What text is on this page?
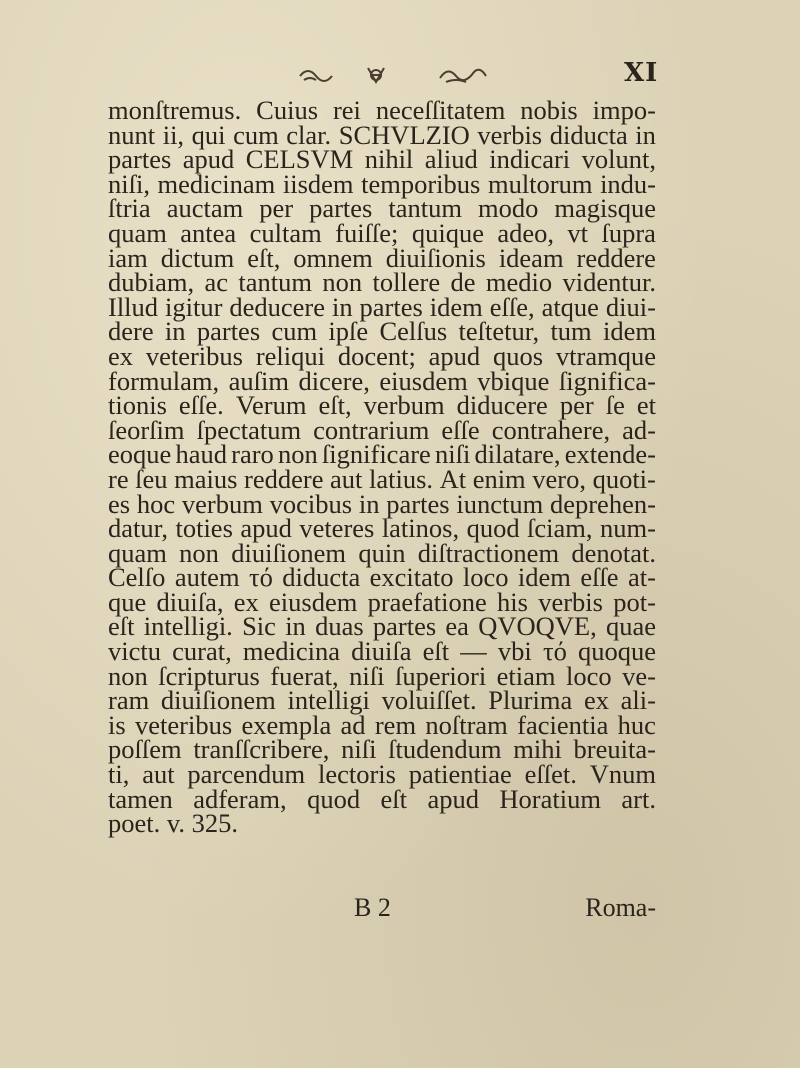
XI
monſtremus. Cuius rei neceſſitatem nobis impo-
nunt ii, qui cum clar. SCHVLZIO verbis diducta in
partes apud CELSVM nihil aliud indicari volunt,
niſi, medicinam iisdem temporibus multorum indu-
ſtria auctam per partes tantum modo magisque
quam antea cultam fuiſſe; quique adeo, vt ſupra
iam dictum eſt, omnem diuiſionis ideam reddere
dubiam, ac tantum non tollere de medio videntur.
Illud igitur deducere in partes idem eſſe, atque diui-
dere in partes cum ipſe Celſus teſtetur, tum idem
ex veteribus reliqui docent; apud quos vtramque
formulam, auſim dicere, eiusdem vbique ſignifica-
tionis eſſe. Verum eſt, verbum diducere per ſe et
ſeorſim ſpectatum contrarium eſſe contrahere, ad-
eoque haud raro non ſignificare niſi dilatare, extende-
re ſeu maius reddere aut latius. At enim vero, quoti-
es hoc verbum vocibus in partes iunctum deprehen-
datur, toties apud veteres latinos, quod ſciam, num-
quam non diuiſionem quin diſtractionem denotat.
Celſo autem τό diducta excitato loco idem eſſe at-
que diuiſa, ex eiusdem praefatione his verbis pot-
eſt intelligi. Sic in duas partes ea QVOQVE, quae
victu curat, medicina diuiſa eſt — vbi τό quoque
non ſcripturus fuerat, niſi ſuperiori etiam loco ve-
ram diuiſionem intelligi voluiſſet. Plurima ex ali-
is veteribus exempla ad rem noſtram facientia huc
poſſem tranſſcribere, niſi ſtudendum mihi breuita-
ti, aut parcendum lectoris patientiae eſſet. Vnum
tamen adferam, quod eſt apud Horatium art.
poet. v. 325.
B 2	Roma-
